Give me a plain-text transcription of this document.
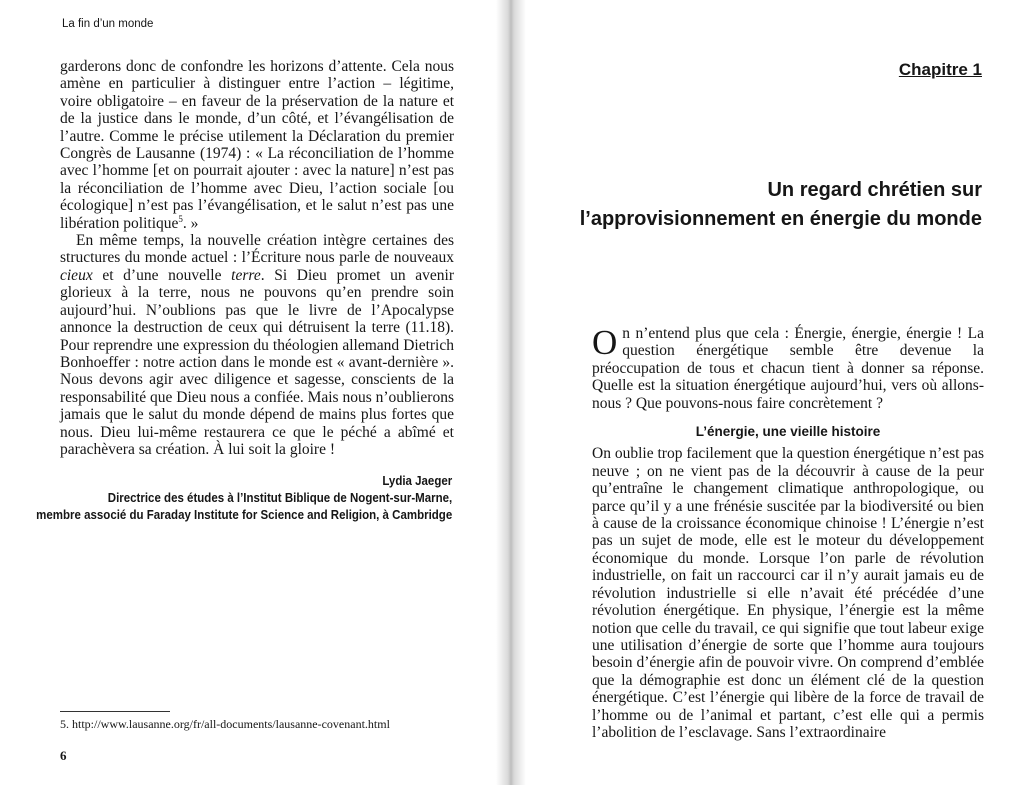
La fin d’un monde

garderons donc de confondre les horizons d’attente. Cela nous amène en particulier à distinguer entre l’action – légitime, voire obligatoire – en faveur de la préservation de la nature et de la justice dans le monde, d’un côté, et l’évangélisation de l’autre. Comme le précise utilement la Déclaration du premier Congrès de Lausanne (1974) : « La réconciliation de l’homme avec l’homme [et on pourrait ajouter : avec la nature] n’est pas la réconciliation de l’homme avec Dieu, l’action sociale [ou écologique] n’est pas l’évangélisation, et le salut n’est pas une libération politique$^5$. »

En même temps, la nouvelle création intègre certaines des structures du monde actuel : l’Écriture nous parle de nouveaux cieux et d’une nouvelle terre. Si Dieu promet un avenir glorieux à la terre, nous ne pouvons qu’en prendre soin aujourd’hui. N’oublions pas que le livre de l’Apocalypse annonce la destruction de ceux qui détruisent la terre (11.18). Pour reprendre une expression du théologien allemand Dietrich Bonhoeffer : notre action dans le monde est « avant-dernière ». Nous devons agir avec diligence et sagesse, conscients de la responsabilité que Dieu nous a confiée. Mais nous n’oublierons jamais que le salut du monde dépend de mains plus fortes que nous. Dieu lui-même restaurera ce que le péché a abîmé et parachèvera sa création. À lui soit la gloire !

Lydia Jaeger
Directrice des études à l’Institut Biblique de Nogent-sur-Marne,
membre associé du Faraday Institute for Science and Religion, à Cambridge
5. http://www.lausanne.org/fr/all-documents/lausanne-covenant.html
6
Chapitre 1
Un regard chrétien sur
l’approvisionnement en énergie du monde

On n’entend plus que cela : Énergie, énergie, énergie ! La question énergétique semble être devenue la préoccupation de tous et chacun tient à donner sa réponse. Quelle est la situation énergétique aujourd’hui, vers où allons-nous ? Que pouvons-nous faire concrètement ?

L’énergie, une vieille histoire

On oublie trop facilement que la question énergétique n’est pas neuve ; on ne vient pas de la découvrir à cause de la peur qu’entraîne le changement climatique anthropologique, ou parce qu’il y a une frénésie suscitée par la biodiversité ou bien à cause de la croissance économique chinoise ! L’énergie n’est pas un sujet de mode, elle est le moteur du développement économique du monde. Lorsque l’on parle de révolution industrielle, on fait un raccourci car il n’y aurait jamais eu de révolution industrielle si elle n’avait été précédée d’une révolution énergétique. En physique, l’énergie est la même notion que celle du travail, ce qui signifie que tout labeur exige une utilisation d’énergie de sorte que l’homme aura toujours besoin d’énergie afin de pouvoir vivre. On comprend d’emblée que la démographie est donc un élément clé de la question énergétique. C’est l’énergie qui libère de la force de travail de l’homme ou de l’animal et partant, c’est elle qui a permis l’abolition de l’esclavage. Sans l’extraordinaire
